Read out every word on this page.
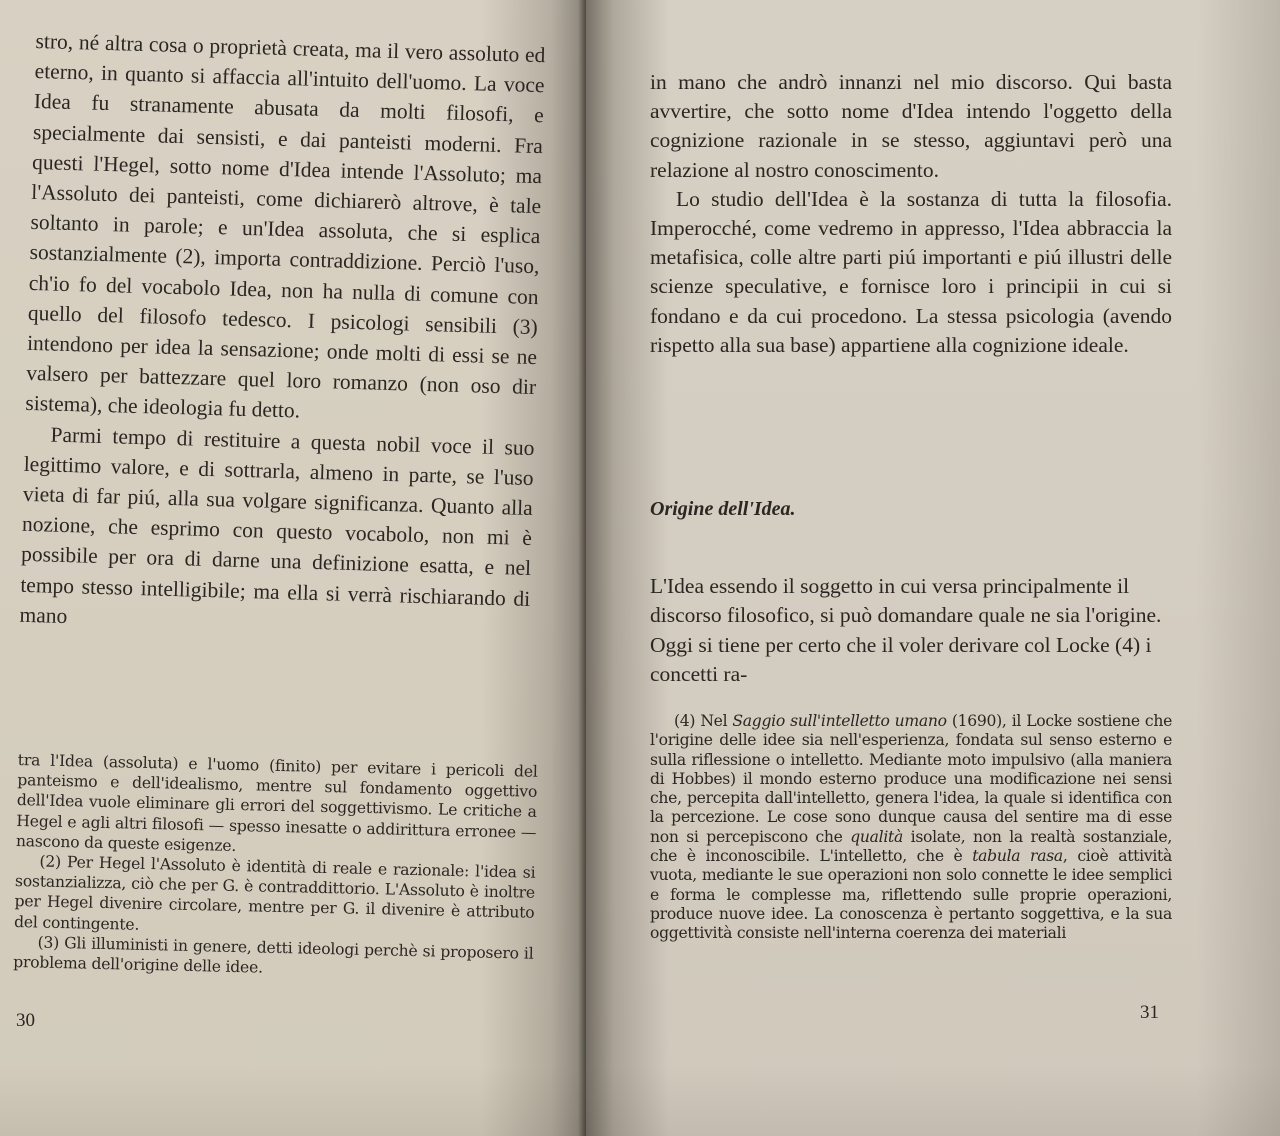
stro, né altra cosa o proprietà creata, ma il vero assoluto ed eterno, in quanto si affaccia all'intuito dell'uomo. La voce Idea fu stranamente abusata da molti filosofi, e specialmente dai sensisti, e dai panteisti moderni. Fra questi l'Hegel, sotto nome d'Idea intende l'Assoluto; ma l'Assoluto dei panteisti, come dichiarerò altrove, è tale soltanto in parole; e un'Idea assoluta, che si esplica sostanzialmente (2), importa contraddizione. Perciò l'uso, ch'io fo del vocabolo Idea, non ha nulla di comune con quello del filosofo tedesco. I psicologi sensibili (3) intendono per idea la sensazione; onde molti di essi se ne valsero per battezzare quel loro romanzo (non oso dir sistema), che ideologia fu detto.

Parmi tempo di restituire a questa nobil voce il suo legittimo valore, e di sottrarla, almeno in parte, se l'uso vieta di far piú, alla sua volgare significanza. Quanto alla nozione, che esprimo con questo vocabolo, non mi è possibile per ora di darne una definizione esatta, e nel tempo stesso intelligibile; ma ella si verrà rischiarando di mano

tra l'Idea (assoluta) e l'uomo (finito) per evitare i pericoli del panteismo e dell'idealismo, mentre sul fondamento oggettivo dell'Idea vuole eliminare gli errori del soggettivismo. Le critiche a Hegel e agli altri filosofi — spesso inesatte o addirittura erronee — nascono da queste esigenze.

(2) Per Hegel l'Assoluto è identità di reale e razionale: l'idea si sostanzializza, ciò che per G. è contraddittorio. L'Assoluto è inoltre per Hegel divenire circolare, mentre per G. il divenire è attributo del contingente.

(3) Gli illuministi in genere, detti ideologi perchè si proposero il problema dell'origine delle idee.

30

in mano che andrò innanzi nel mio discorso. Qui basta avvertire, che sotto nome d'Idea intendo l'oggetto della cognizione razionale in se stesso, aggiuntavi però una relazione al nostro conoscimento.

Lo studio dell'Idea è la sostanza di tutta la filosofia. Imperocché, come vedremo in appresso, l'Idea abbraccia la metafisica, colle altre parti piú importanti e piú illustri delle scienze speculative, e fornisce loro i principii in cui si fondano e da cui procedono. La stessa psicologia (avendo rispetto alla sua base) appartiene alla cognizione ideale.

Origine dell'Idea.

L'Idea essendo il soggetto in cui versa principalmente il discorso filosofico, si può domandare quale ne sia l'origine. Oggi si tiene per certo che il voler derivare col Locke (4) i concetti ra-

(4) Nel Saggio sull'intelletto umano (1690), il Locke sostiene che l'origine delle idee sia nell'esperienza, fondata sul senso esterno e sulla riflessione o intelletto. Mediante moto impulsivo (alla maniera di Hobbes) il mondo esterno produce una modificazione nei sensi che, percepita dall'intelletto, genera l'idea, la quale si identifica con la percezione. Le cose sono dunque causa del sentire ma di esse non si percepiscono che qualità isolate, non la realtà sostanziale, che è inconoscibile. L'intelletto, che è tabula rasa, cioè attività vuota, mediante le sue operazioni non solo connette le idee semplici e forma le complesse ma, riflettendo sulle proprie operazioni, produce nuove idee. La conoscenza è pertanto soggettiva, e la sua oggettività consiste nell'interna coerenza dei materiali

31
